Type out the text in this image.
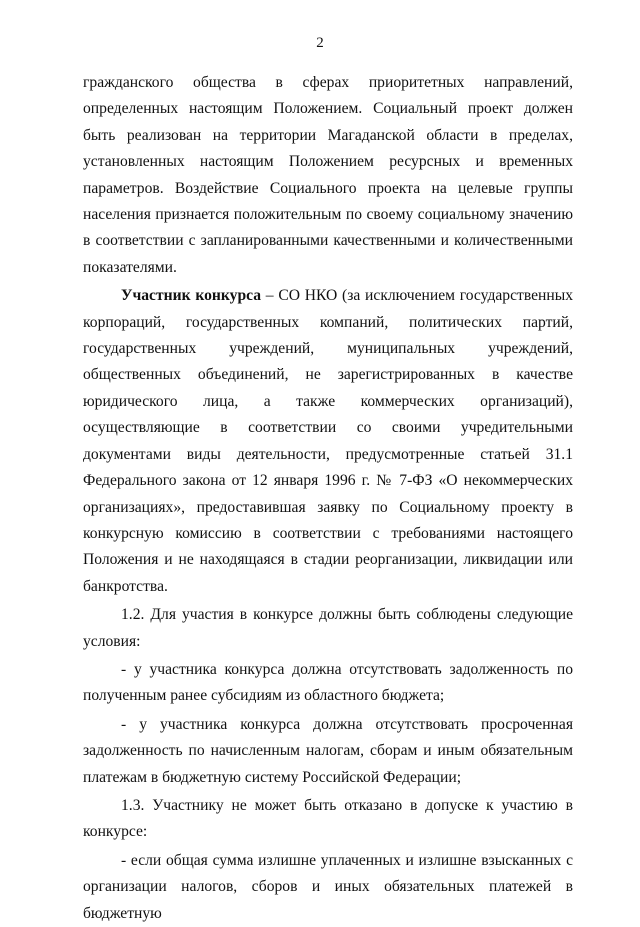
2

гражданского общества в сферах приоритетных направлений, определенных настоящим Положением. Социальный проект должен быть реализован на территории Магаданской области в пределах, установленных настоящим Положением ресурсных и временных параметров. Воздействие Социального проекта на целевые группы населения признается положительным по своему социальному значению в соответствии с запланированными качественными и количественными показателями.

Участник конкурса – СО НКО (за исключением государственных корпораций, государственных компаний, политических партий, государственных учреждений, муниципальных учреждений, общественных объединений, не зарегистрированных в качестве юридического лица, а также коммерческих организаций), осуществляющие в соответствии со своими учредительными документами виды деятельности, предусмотренные статьей 31.1 Федерального закона от 12 января 1996 г. № 7-ФЗ «О некоммерческих организациях», предоставившая заявку по Социальному проекту в конкурсную комиссию в соответствии с требованиями настоящего Положения и не находящаяся в стадии реорганизации, ликвидации или банкротства.

1.2. Для участия в конкурсе должны быть соблюдены следующие условия:

- у участника конкурса должна отсутствовать задолженность по полученным ранее субсидиям из областного бюджета;

- у участника конкурса должна отсутствовать просроченная задолженность по начисленным налогам, сборам и иным обязательным платежам в бюджетную систему Российской Федерации;

1.3. Участнику не может быть отказано в допуске к участию в конкурсе:

- если общая сумма излишне уплаченных и излишне взысканных с организации налогов, сборов и иных обязательных платежей в бюджетную
